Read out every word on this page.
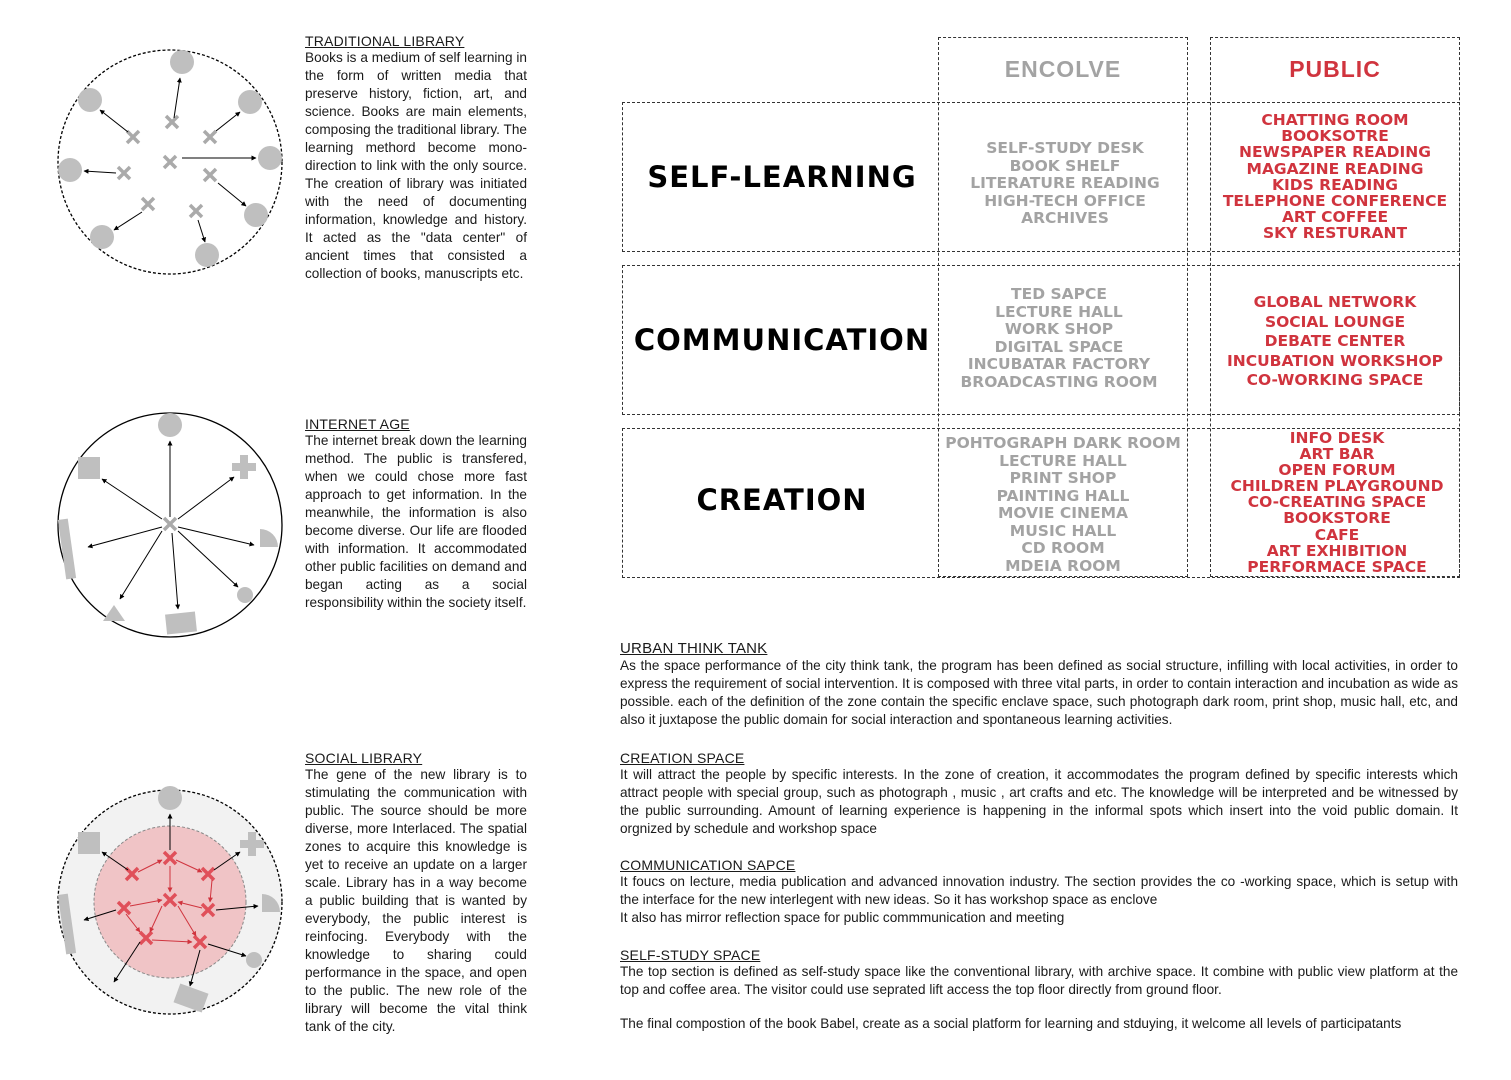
TRADITIONAL LIBRARY
Books is a medium of self learning in the form of written media that preserve history, fiction, art, and science. Books are main elements, composing the traditional library. The learning methord become mono-direction to link with the only source. The creation of library was initiated with the need of documenting information, knowledge and history. It acted as the "data center" of ancient times that consisted a collection of books, manuscripts etc.
INTERNET AGE
The internet break down the learning method. The public is transfered, when we could chose more fast approach to get information. In the meanwhile, the information is also become diverse. Our life are flooded with information. It accommodated other public facilities on demand and began acting as a social responsibility within the society itself.
SOCIAL LIBRARY
The gene of the new library is to stimulating the communication with public. The source should be more diverse, more Interlaced. The spatial zones to acquire this knowledge is yet to receive an update on a larger scale. Library has in a way become a public building that is wanted by everybody, the public interest is reinfocing. Everybody with the knowledge to sharing could performance in the space, and open to the public. The new role of the library will become the vital think tank of the city.
ENCOLVE	PUBLIC
SELF-LEARNING
COMMUNICATION
CREATION
SELF-STUDY DESK
BOOK SHELF
LITERATURE READING
HIGH-TECH OFFICE
ARCHIVES
CHATTING ROOM
BOOKSOTRE
NEWSPAPER READING
MAGAZINE READING
KIDS READING
TELEPHONE CONFERENCE
ART COFFEE
SKY RESTURANT
TED SAPCE
LECTURE HALL
WORK SHOP
DIGITAL SPACE
INCUBATAR FACTORY
BROADCASTING ROOM
GLOBAL NETWORK
SOCIAL LOUNGE
DEBATE CENTER
INCUBATION WORKSHOP
CO-WORKING SPACE
POHTOGRAPH DARK ROOM
LECTURE HALL
PRINT SHOP
PAINTING HALL
MOVIE CINEMA
MUSIC HALL
CD ROOM
MDEIA ROOM
INFO DESK
ART BAR
OPEN FORUM
CHILDREN PLAYGROUND
CO-CREATING SPACE
BOOKSTORE
CAFE
ART EXHIBITION
PERFORMACE SPACE
URBAN THINK TANK
As the space performance of the city think tank, the program has been defined as social structure, infilling with local activities, in order to express the requirement of social intervention. It is composed with three vital parts, in order to contain interaction and incubation as wide as possible. each of the definition of the zone contain the specific enclave space, such photograph dark room, print shop, music hall, etc, and also it juxtapose the public domain for social interaction and spontaneous learning activities.
CREATION SPACE
It will attract the people by specific interests. In the zone of creation, it accommodates the program defined by specific interests which attract people with special group, such as photograph , music , art crafts and etc. The knowledge will be interpreted and be witnessed by the public surrounding. Amount of learning experience is happening in the informal spots which insert into the void public domain. It orgnized by schedule and workshop space
COMMUNICATION SAPCE
It foucs on lecture, media publication and advanced innovation industry. The section provides the co -working space, which is setup with the interface for the new interlegent with new ideas. So it has workshop space as enclove
It also has mirror reflection space for public commmunication and meeting
SELF-STUDY SPACE
The top section is defined as self-study space like the conventional library, with archive space. It combine with public view platform at the top and coffee area. The visitor could use seprated lift access the top floor directly from ground floor.
The final compostion of the book Babel, create as a social platform for learning and stduying, it welcome all levels of participatants
